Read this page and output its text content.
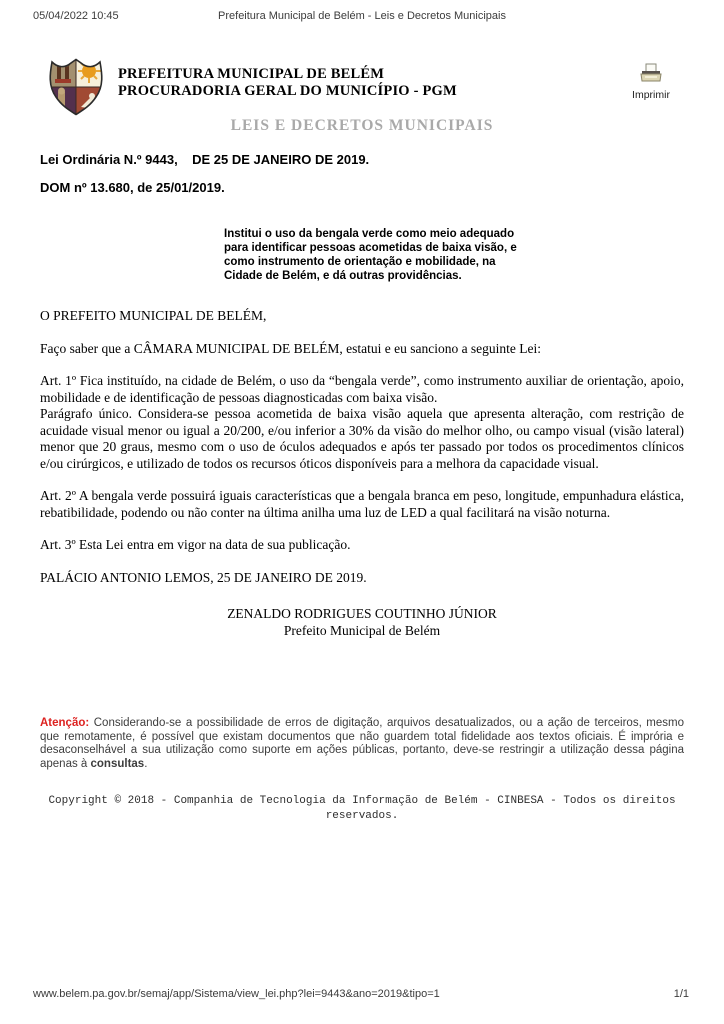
05/04/2022 10:45	Prefeitura Municipal de Belém - Leis e Decretos Municipais
PREFEITURA MUNICIPAL DE BELÉM
PROCURADORIA GERAL DO MUNICÍPIO - PGM	Imprimir
LEIS E DECRETOS MUNICIPAIS
Lei Ordinária N.º 9443,    DE 25 DE JANEIRO DE 2019.
DOM nº 13.680, de 25/01/2019.
Institui o uso da bengala verde como meio adequado para identificar pessoas acometidas de baixa visão, e como instrumento de orientação e mobilidade, na Cidade de Belém, e dá outras providências.

O PREFEITO MUNICIPAL DE BELÉM,

Faço saber que a CÂMARA MUNICIPAL DE BELÉM, estatui e eu sanciono a seguinte Lei:

Art. 1º Fica instituído, na cidade de Belém, o uso da “bengala verde”, como instrumento auxiliar de orientação, apoio, mobilidade e de identificação de pessoas diagnosticadas com baixa visão.

Parágrafo único. Considera-se pessoa acometida de baixa visão aquela que apresenta alteração, com restrição de acuidade visual menor ou igual a 20/200, e/ou inferior a 30% da visão do melhor olho, ou campo visual (visão lateral) menor que 20 graus, mesmo com o uso de óculos adequados e após ter passado por todos os procedimentos clínicos e/ou cirúrgicos, e utilizado de todos os recursos óticos disponíveis para a melhora da capacidade visual.

Art. 2º A bengala verde possuirá iguais características que a bengala branca em peso, longitude, empunhadura elástica, rebatibilidade, podendo ou não conter na última anilha uma luz de LED a qual facilitará na visão noturna.

Art. 3º Esta Lei entra em vigor na data de sua publicação.

PALÁCIO ANTONIO LEMOS, 25 DE JANEIRO DE 2019.

ZENALDO RODRIGUES COUTINHO JÚNIOR
Prefeito Municipal de Belém
Atenção: Considerando-se a possibilidade de erros de digitação, arquivos desatualizados, ou a ação de terceiros, mesmo que remotamente, é possível que existam documentos que não guardem total fidelidade aos textos oficiais. É imprória e desaconselhável a sua utilização como suporte em ações públicas, portanto, deve-se restringir a utilização dessa página apenas à consultas.
Copyright © 2018 - Companhia de Tecnologia da Informação de Belém - CINBESA - Todos os direitos reservados.
www.belem.pa.gov.br/semaj/app/Sistema/view_lei.php?lei=9443&ano=2019&tipo=1	1/1
